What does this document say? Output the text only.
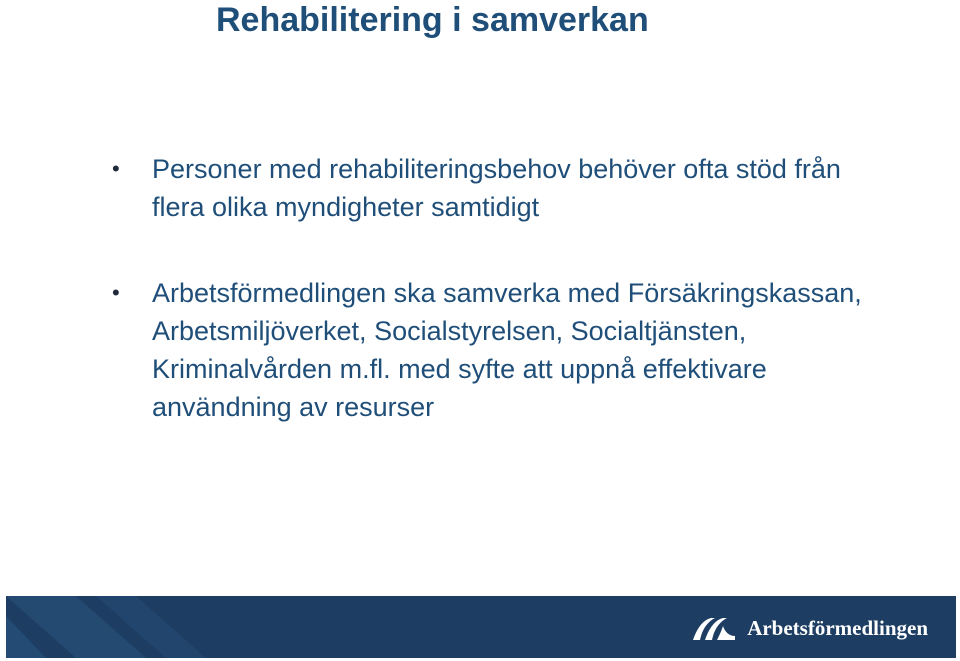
Rehabilitering i samverkan
• Personer med rehabiliteringsbehov behöver ofta stöd från flera olika myndigheter samtidigt
• Arbetsförmedlingen ska samverka med Försäkringskassan, Arbetsmiljöverket, Socialstyrelsen, Socialtjänsten, Kriminalvården m.fl. med syfte att uppnå effektivare användning av resurser
Arbetsförmedlingen
